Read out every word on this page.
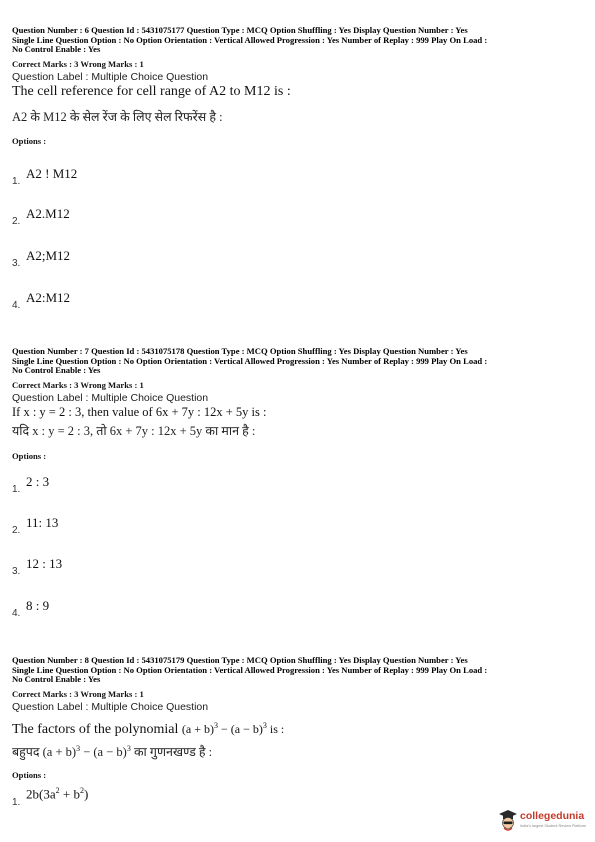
Question Number : 6 Question Id : 5431075177 Question Type : MCQ Option Shuffling : Yes Display Question Number : Yes
Single Line Question Option : No Option Orientation : Vertical Allowed Progression : Yes Number of Replay : 999 Play On Load :
No Control Enable : Yes
Correct Marks : 3 Wrong Marks : 1
Question Label : Multiple Choice Question
The cell reference for cell range of A2 to M12 is :
A2 के M12 के सेल रेंज के लिए सेल रिफरेंस है :
Options :
1.
A2 ! M12
2.
A2.M12
3.
A2;M12
4.
A2:M12
Question Number : 7 Question Id : 5431075178 Question Type : MCQ Option Shuffling : Yes Display Question Number : Yes
Single Line Question Option : No Option Orientation : Vertical Allowed Progression : Yes Number of Replay : 999 Play On Load :
No Control Enable : Yes
Correct Marks : 3 Wrong Marks : 1
Question Label : Multiple Choice Question
If x : y = 2 : 3, then value of 6x + 7y : 12x + 5y is :
यदि x : y = 2 : 3, तो 6x + 7y : 12x + 5y का मान है :
Options :
1.
2 : 3
2.
11: 13
3.
12 : 13
4.
8 : 9
Question Number : 8 Question Id : 5431075179 Question Type : MCQ Option Shuffling : Yes Display Question Number : Yes
Single Line Question Option : No Option Orientation : Vertical Allowed Progression : Yes Number of Replay : 999 Play On Load :
No Control Enable : Yes
Correct Marks : 3 Wrong Marks : 1
Question Label : Multiple Choice Question
The factors of the polynomial $(a + b)^3 - (a - b)^3$ is :
बहुपद $(a + b)^3 - (a - b)^3$ का गुणनखण्ड है :
Options :
1.
$2b(3a^2 + b^2)$
collegedunia
India's largest Student Review Platform
